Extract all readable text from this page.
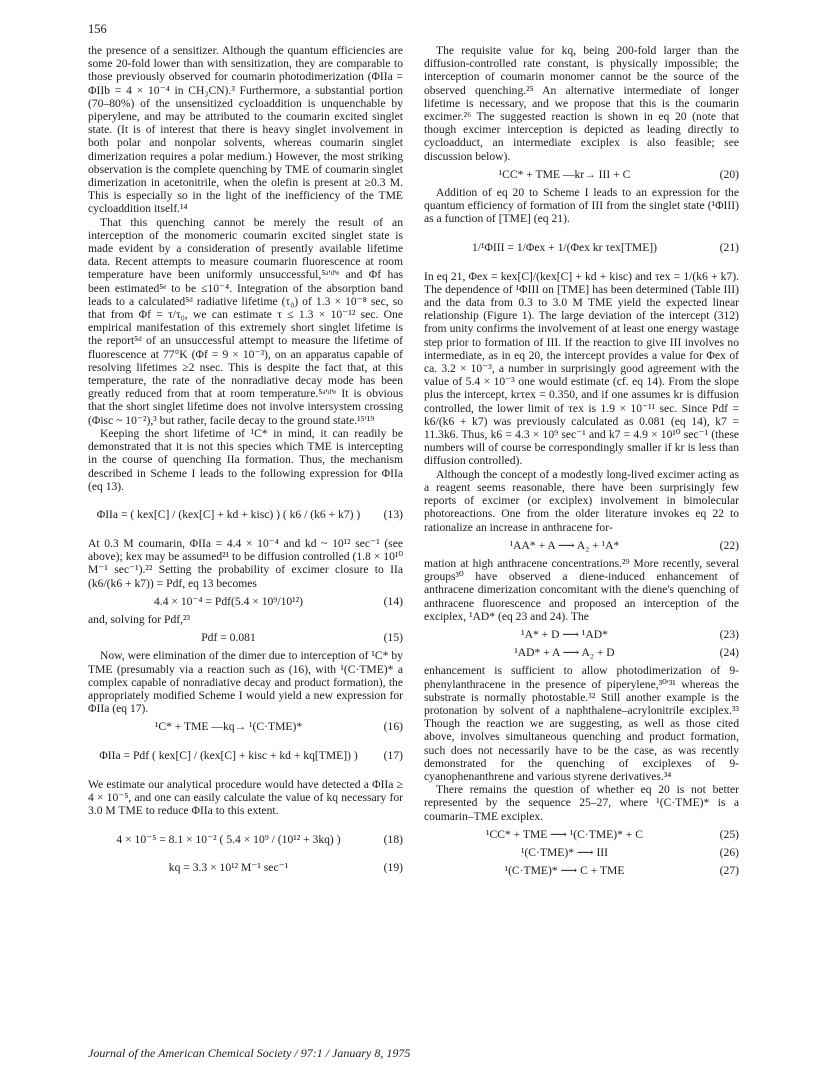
156

the presence of a sensitizer. Although the quantum efficiencies are some 20-fold lower than with sensitization, they are comparable to those previously observed for coumarin photodimerization (ΦIIa = ΦIIb = 4 × 10⁻⁴ in CH₃CN).³ Furthermore, a substantial portion (70–80%) of the unsensitized cycloaddition is unquenchable by piperylene, and may be attributed to the coumarin excited singlet state. (It is of interest that there is heavy singlet involvement in both polar and nonpolar solvents, whereas coumarin singlet dimerization requires a polar medium.) However, the most striking observation is the complete quenching by TME of coumarin singlet dimerization in acetonitrile, when the olefin is present at ≥0.3 M. This is especially so in the light of the inefficiency of the TME cycloaddition itself.¹⁴

That this quenching cannot be merely the result of an interception of the monomeric coumarin excited singlet state is made evident by a consideration of presently available lifetime data. Recent attempts to measure coumarin fluorescence at room temperature have been uniformly unsuccessful,⁵ᵃ'ᵈ'ᵉ and Φf has been estimated⁵ᵉ to be ≤10⁻⁴. Integration of the absorption band leads to a calculated⁵ᵈ radiative lifetime (τ₀) of 1.3 × 10⁻⁸ sec, so that from Φf = τ/τ₀, we can estimate τ ≤ 1.3 × 10⁻¹² sec. One empirical manifestation of this extremely short singlet lifetime is the report⁵ᵈ of an unsuccessful attempt to measure the lifetime of fluorescence at 77°K (Φf = 9 × 10⁻³), on an apparatus capable of resolving lifetimes ≥2 nsec. This is despite the fact that, at this temperature, the rate of the nonradiative decay mode has been greatly reduced from that at room temperature.⁵ᵃ'ᵈ'ᵉ It is obvious that the short singlet lifetime does not involve intersystem crossing (Φisc ~ 10⁻²),³ but rather, facile decay to the ground state.¹⁵'¹⁹

Keeping the short lifetime of ¹C* in mind, it can readily be demonstrated that it is not this species which TME is intercepting in the course of quenching IIa formation. Thus, the mechanism described in Scheme I leads to the following expression for ΦIIa (eq 13).

ΦIIa = ( kex[C] / (kex[C] + kd + kisc) ) ( k6 / (k6 + k7) )	(13)

At 0.3 M coumarin, ΦIIa = 4.4 × 10⁻⁴ and kd ~ 10¹² sec⁻¹ (see above); kex may be assumed²¹ to be diffusion controlled (1.8 × 10¹⁰ M⁻¹ sec⁻¹).²² Setting the probability of excimer closure to IIa (k6/(k6 + k7)) = Pdf, eq 13 becomes

4.4 × 10⁻⁴ = Pdf(5.4 × 10⁹/10¹²)	(14)

and, solving for Pdf,²³

Pdf = 0.081	(15)

Now, were elimination of the dimer due to interception of ¹C* by TME (presumably via a reaction such as (16), with ¹(C·TME)* a complex capable of nonradiative decay and product formation), the appropriately modified Scheme I would yield a new expression for ΦIIa (eq 17).

¹C* + TME —kq→ ¹(C·TME)*	(16)
ΦIIa = Pdf ( kex[C] / (kex[C] + kisc + kd + kq[TME]) )	(17)

We estimate our analytical procedure would have detected a ΦIIa ≥ 4 × 10⁻⁵, and one can easily calculate the value of kq necessary for 3.0 M TME to reduce ΦIIa to this extent.

4 × 10⁻⁵ = 8.1 × 10⁻² ( 5.4 × 10⁹ / (10¹² + 3kq) )	(18)
kq = 3.3 × 10¹² M⁻¹ sec⁻¹	(19)

The requisite value for kq, being 200-fold larger than the diffusion-controlled rate constant, is physically impossible; the interception of coumarin monomer cannot be the source of the observed quenching.²⁵ An alternative intermediate of longer lifetime is necessary, and we propose that this is the coumarin excimer.²⁶ The suggested reaction is shown in eq 20 (note that though excimer interception is depicted as leading directly to cycloadduct, an intermediate exciplex is also feasible; see discussion below).

¹CC* + TME —kr→ III + C	(20)

Addition of eq 20 to Scheme I leads to an expression for the quantum efficiency of formation of III from the singlet state (¹ΦIII) as a function of [TME] (eq 21).

1/¹ΦIII = 1/Φex + 1/(Φex kr τex[TME])	(21)

In eq 21, Φex = kex[C]/(kex[C] + kd + kisc) and τex = 1/(k6 + k7). The dependence of ¹ΦIII on [TME] has been determined (Table III) and the data from 0.3 to 3.0 M TME yield the expected linear relationship (Figure 1). The large deviation of the intercept (312) from unity confirms the involvement of at least one energy wastage step prior to formation of III. If the reaction to give III involves no intermediate, as in eq 20, the intercept provides a value for Φex of ca. 3.2 × 10⁻³, a number in surprisingly good agreement with the value of 5.4 × 10⁻³ one would estimate (cf. eq 14). From the slope plus the intercept, krτex = 0.350, and if one assumes kr is diffusion controlled, the lower limit of τex is 1.9 × 10⁻¹¹ sec. Since Pdf = k6/(k6 + k7) was previously calculated as 0.081 (eq 14), k7 = 11.3k6. Thus, k6 = 4.3 × 10⁹ sec⁻¹ and k7 = 4.9 × 10¹⁰ sec⁻¹ (these numbers will of course be correspondingly smaller if kr is less than diffusion controlled).

Although the concept of a modestly long-lived excimer acting as a reagent seems reasonable, there have been surprisingly few reports of excimer (or exciplex) involvement in bimolecular photoreactions. One from the older literature invokes eq 22 to rationalize an increase in anthracene for-

¹AA* + A ⟶ A₂ + ¹A*	(22)

mation at high anthracene concentrations.²⁹ More recently, several groups³⁰ have observed a diene-induced enhancement of anthracene dimerization concomitant with the diene's quenching of anthracene fluorescence and proposed an interception of the exciplex, ¹AD* (eq 23 and 24). The

¹A* + D ⟶ ¹AD*	(23)
¹AD* + A ⟶ A₂ + D	(24)

enhancement is sufficient to allow photodimerization of 9-phenylanthracene in the presence of piperylene,³⁰'³¹ whereas the substrate is normally photostable.³² Still another example is the protonation by solvent of a naphthalene–acrylonitrile exciplex.³³ Though the reaction we are suggesting, as well as those cited above, involves simultaneous quenching and product formation, such does not necessarily have to be the case, as was recently demonstrated for the quenching of exciplexes of 9-cyanophenanthrene and various styrene derivatives.³⁴

There remains the question of whether eq 20 is not better represented by the sequence 25–27, where ¹(C·TME)* is a coumarin–TME exciplex.

¹CC* + TME ⟶ ¹(C·TME)* + C	(25)
¹(C·TME)* ⟶ III	(26)
¹(C·TME)* ⟶ C + TME	(27)
Journal of the American Chemical Society / 97:1 / January 8, 1975
